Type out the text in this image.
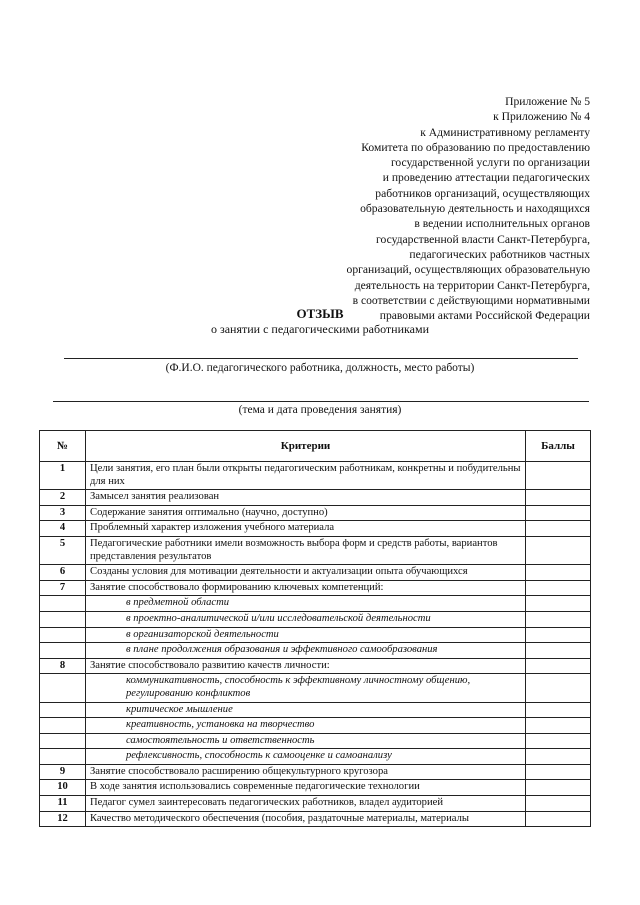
Приложение № 5
к Приложению № 4
к Административному регламенту
Комитета по образованию по предоставлению
государственной услуги по организации
и проведению аттестации педагогических
работников организаций, осуществляющих
образовательную деятельность и находящихся
в ведении исполнительных органов
государственной власти Санкт-Петербурга,
педагогических работников частных
организаций, осуществляющих образовательную
деятельность на территории Санкт-Петербурга,
в соответствии с действующими нормативными
правовыми актами Российской Федерации
ОТЗЫВ
о занятии с педагогическими работниками
(Ф.И.О. педагогического работника, должность, место работы)
(тема и дата проведения занятия)
№	Критерии	Баллы
1	Цели занятия, его план были открыты педагогическим работникам, конкретны и побудительны для них	
2	Замысел занятия реализован	
3	Содержание занятия оптимально (научно, доступно)	
4	Проблемный характер изложения учебного материала	
5	Педагогические работники имели возможность выбора форм и средств работы, вариантов представления результатов	
6	Созданы условия для мотивации деятельности и актуализации опыта обучающихся	
7	Занятие способствовало формированию ключевых компетенций:	
	в предметной области	
	в проектно-аналитической и/или исследовательской деятельности	
	в организаторской деятельности	
	в плане продолжения образования и эффективного самообразования	
8	Занятие способствовало развитию качеств личности:	
	коммуникативность, способность к эффективному личностному общению, регулированию конфликтов	
	критическое мышление	
	креативность, установка на творчество	
	самостоятельность и ответственность	
	рефлексивность, способность к самооценке и самоанализу	
9	Занятие способствовало расширению общекультурного кругозора	
10	В ходе занятия использовались современные педагогические технологии	
11	Педагог сумел заинтересовать педагогических работников, владел аудиторией	
12	Качество методического обеспечения (пособия, раздаточные материалы, материалы	
